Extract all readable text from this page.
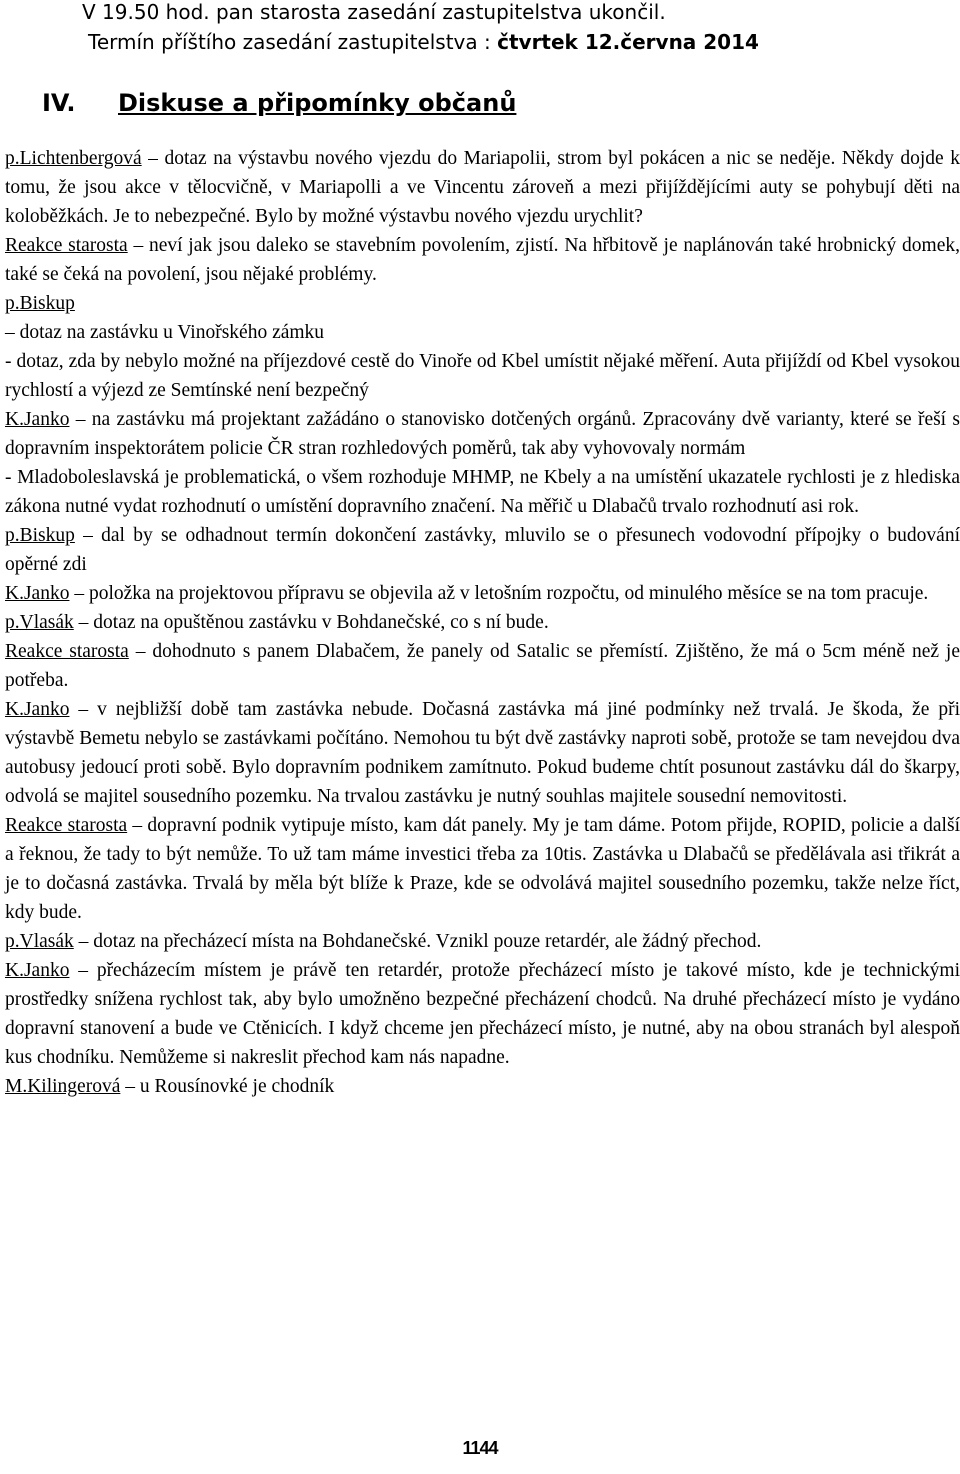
V 19.50 hod. pan starosta zasedání zastupitelstva ukončil.
Termín příštího zasedání zastupitelstva : čtvrtek 12.června 2014
IV. Diskuse a připomínky občanů

p.Lichtenbergová – dotaz na výstavbu nového vjezdu do Mariapolii, strom byl pokácen a nic se neděje. Někdy dojde k tomu, že jsou akce v tělocvičně, v Mariapolli a ve Vincentu zároveň a mezi přijíždějícími auty se pohybují děti na koloběžkách. Je to nebezpečné. Bylo by možné výstavbu nového vjezdu urychlit?

Reakce starosta – neví jak jsou daleko se stavebním povolením, zjistí. Na hřbitově je naplánován také hrobnický domek, také se čeká na povolení, jsou nějaké problémy.

p.Biskup

– dotaz na zastávku u Vinořského zámku

- dotaz, zda by nebylo možné na příjezdové cestě do Vinoře od Kbel umístit nějaké měření. Auta přijíždí od Kbel vysokou rychlostí a výjezd ze Semtínské není bezpečný

K.Janko – na zastávku má projektant zažádáno o stanovisko dotčených orgánů. Zpracovány dvě varianty, které se řeší s dopravním inspektorátem policie ČR stran rozhledových poměrů, tak aby vyhovovaly normám

- Mladoboleslavská je problematická, o všem rozhoduje MHMP, ne Kbely a na umístění ukazatele rychlosti je z hlediska zákona nutné vydat rozhodnutí o umístění dopravního značení. Na měřič u Dlabačů trvalo rozhodnutí asi rok.

p.Biskup – dal by se odhadnout termín dokončení zastávky, mluvilo se o přesunech vodovodní přípojky o budování opěrné zdi

K.Janko – položka na projektovou přípravu se objevila až v letošním rozpočtu, od minulého měsíce se na tom pracuje.

p.Vlasák – dotaz na opuštěnou zastávku v Bohdanečské, co s ní bude.

Reakce starosta – dohodnuto s panem Dlabačem, že panely od Satalic se přemístí. Zjištěno, že má o 5cm méně než je potřeba.

K.Janko – v nejbližší době tam zastávka nebude. Dočasná zastávka má jiné podmínky než trvalá. Je škoda, že při výstavbě Bemetu nebylo se zastávkami počítáno. Nemohou tu být dvě zastávky naproti sobě, protože se tam nevejdou dva autobusy jedoucí proti sobě. Bylo dopravním podnikem zamítnuto. Pokud budeme chtít posunout zastávku dál do škarpy, odvolá se majitel sousedního pozemku. Na trvalou zastávku je nutný souhlas majitele sousední nemovitosti.

Reakce starosta – dopravní podnik vytipuje místo, kam dát panely. My je tam dáme. Potom přijde, ROPID, policie a další a řeknou, že tady to být nemůže. To už tam máme investici třeba za 10tis. Zastávka u Dlabačů se předělávala asi třikrát a je to dočasná zastávka. Trvalá by měla být blíže k Praze, kde se odvolává majitel sousedního pozemku, takže nelze říct, kdy bude.

p.Vlasák – dotaz na přecházecí místa na Bohdanečské. Vznikl pouze retardér, ale žádný přechod.

K.Janko – přecházecím místem je právě ten retardér, protože přecházecí místo je takové místo, kde je technickými prostředky snížena rychlost tak, aby bylo umožněno bezpečné přecházení chodců. Na druhé přecházecí místo je vydáno dopravní stanovení a bude ve Ctěnicích. I když chceme jen přecházecí místo, je nutné, aby na obou stranách byl alespoň kus chodníku. Nemůžeme si nakreslit přechod kam nás napadne.

M.Kilingerová – u Rousínovké je chodník

1144
